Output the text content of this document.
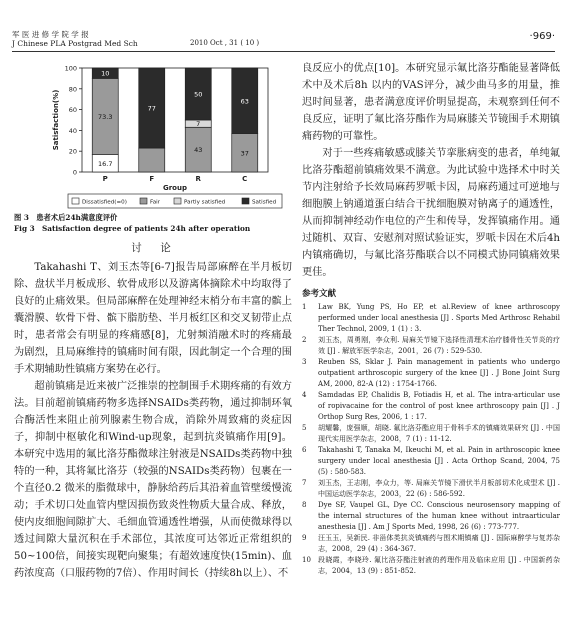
军 医 进 修 学 院 学 报
J Chinese PLA Postgrad Med Sch	2010 Oct , 31 ( 10 )
·969·
0
20
40
60
80
100
Satisfaction(%)
16.7
73.3
10
P
77
F
43
7
50
R
37
63
C
Group
Dissatisfied(=0)	Fair	Partly satisfied	Satisfied

图 3　患者术后24h满意度评价

Fig 3　Satisfaction degree of patients 24h after operation

讨　论

Takahashi T、刘玉杰等[6-7]报告局部麻醉在半月板切除、盘状半月板成形、软骨成形以及游离体摘除术中均取得了良好的止痛效果。但局部麻醉在处理神经末梢分布丰富的髌上囊滑膜、软骨下骨、髌下脂肪垫、半月板红区和交叉韧带止点时，患者常会有明显的疼痛感[8]，尤射频消融术时的疼痛最为剧烈，且局麻维持的镇痛时间有限，因此制定一个合理的围手术期辅助性镇痛方案势在必行。

超前镇痛是近来被广泛推崇的控制围手术期疼痛的有效方法。目前超前镇痛药物多选择NSAIDs类药物，通过抑制环氧合酶活性来阻止前列腺素生物合成，消除外周致痛的炎症因子，抑制中枢敏化和Wind-up现象，起到抗炎镇痛作用[9]。本研究中选用的氟比洛芬酯微球注射液是NSAIDs类药物中独特的一种，其将氟比洛芬（较强的NSAIDs类药物）包裹在一个直径0.2 微米的脂微球中，静脉给药后其沿着血管壁缓慢流动；手术切口处血管内壁因损伤致炎性物质大量合成、释放，使内皮细胞间隙扩大、毛细血管通透性增强，从而使微球得以透过间隙大量沉积在手术部位，其浓度可达邻近正常组织的50~100倍，间接实现靶向聚集；有超效速度快(15min)、血药浓度高（口服药物的7倍）、作用时间长（持续8h以上）、不

良反应小的优点[10]。本研究显示氟比洛芬酯能显著降低术中及术后8h 以内的VAS评分，减少曲马多的用量，推迟时间显著，患者满意度评价明显提高，未观察到任何不良反应，证明了氟比洛芬酯作为局麻膝关节镜围手术期镇痛药物的可靠性。

对于一些疼痛敏感或膝关节挛胀病变的患者，单纯氟比洛芬酯超前镇痛效果不满意。为此试验中选择术中时关节内注射给予长效局麻药罗哌卡因，局麻药通过可逆地与细胞膜上钠通道蛋白结合干扰细胞膜对钠离子的通透性，从而抑制神经动作电位的产生和传导，发挥镇痛作用。通过随机、双盲、安慰剂对照试验证实，罗哌卡因在术后4h内镇痛确切，与氟比洛芬酯联合以不同模式协同镇痛效果更佳。

参考文献
1	Law BK, Yung PS, Ho EP, et al.Review of knee arthroscopy performed under local anesthesia [J] . Sports Med Arthrosc Rehabil Ther Technol, 2009, 1 (1) : 3.
2	刘玉杰，周勇刚，李众利. 局麻关节镜下选择性清理术治疗膝骨性关节炎的疗效 [J] . 解放军医学杂志，2001，26 (7) : 529-530.
3	Reuben SS, Sklar J. Pain management in patients who undergo outpatient arthroscopic surgery of the knee [J] . J Bone Joint Surg AM, 2000, 82-A (12) : 1754-1766.
4	Samdadas EP, Chalidis B, Fotiadis H, et al. The intra-articular use of ropivacaine for the control of post knee arthroscopy pain [J] . J Orthop Surg Res, 2006, 1 : 17.
5	胡耀馨，庞强顺，胡晓. 氟比洛芬酯应用于骨科手术的镇痛效果研究 [J] . 中国现代实用医学杂志，2008，7 (1) : 11-12.
6	Takahashi T, Tanaka M, Ikeuchi M, et al. Pain in arthroscopic knee surgery under local anesthesia [J] . Acta Orthop Scand, 2004, 75 (5) : 580-583.
7	刘玉杰，王志刚，李众力，等. 局麻关节镜下滑伏半月板部切术化成型术 [J] . 中国运动医学杂志，2003，22 (6) : 586-592.
8	Dye SF, Vaupel GL, Dye CC. Conscious neurosensory mapping of the internal structures of the human knee without intraarticular anesthesia [J] . Am J Sports Med, 1998, 26 (6) : 773-777.
9	汪玉玉，吴新民. 非甾体类抗炎镇痛药与围术期镇痛 [J] . 国际麻醉学与复苏杂志，2008，29 (4) : 364-367.
10	段晓霞，李晓玲. 氟比洛芬酯注射液的药理作用及临床应用 [J] . 中国新药杂志，2004，13 (9) : 851-852.
